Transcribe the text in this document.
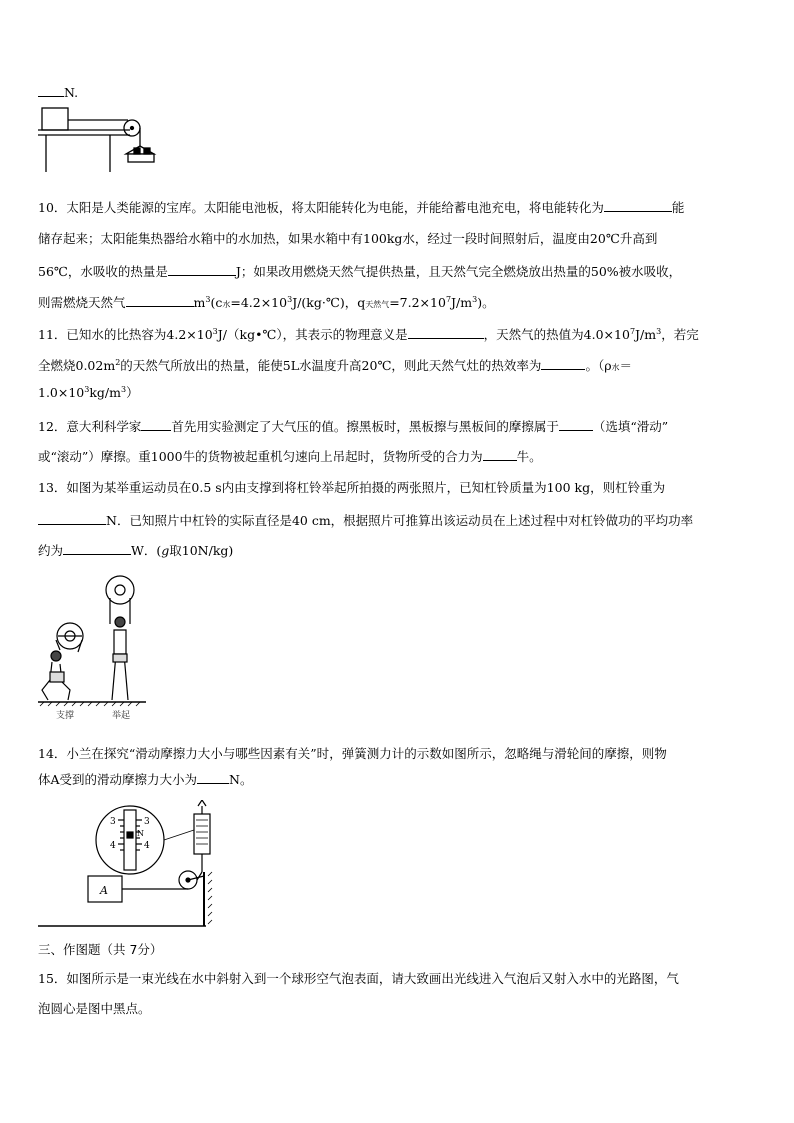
N.
10．太阳是人类能源的宝库。太阳能电池板，将太阳能转化为电能，并能给蓄电池充电，将电能转化为	能
储存起来；太阳能集热器给水箱中的水加热，如果水箱中有100kg水，经过一段时间照射后，温度由20℃升高到
56℃，水吸收的热量是	J；如果改用燃烧天然气提供热量，且天然气完全燃烧放出热量的50%被水吸收，
则需燃烧天然气	$m^3(c$水$=4.2\times 10^3J/(kg\cdot℃)$，q天然气$=7.2\times 10^7J/m^3$)。
11．已知水的比热容为$4.2\times 10^3J/(kg•℃)$，其表示的物理意义是	，天然气的热值为$4.0\times 10^7J/m^3$，若完
全燃烧$0.02m^2$的天然气所放出的热量，能使5L水温度升高20℃，则此天然气灶的热效率为	。（ρ水＝
$1.0\times 10^3kg/m^3$）
12．意大利科学家 首先用实验测定了大气压的值。擦黑板时，黑板擦与黑板间的摩擦属于	（选填“滑动”
或“滚动”）摩擦。重1000牛的货物被起重机匀速向上吊起时，货物所受的合力为	牛。
13．如图为某举重运动员在0.5 s内由支撑到将杠铃举起所拍摄的两张照片，已知杠铃质量为100 kg，则杠铃重为
N．已知照片中杠铃的实际直径是40 cm，根据照片可推算出该运动员在上述过程中对杠铃做功的平均功率
约为	W．(g取10N/kg)
支撑	举起
14．小兰在探究“滑动摩擦力大小与哪些因素有关”时，弹簧测力计的示数如图所示，忽略绳与滑轮间的摩擦，则物
体A受到的滑动摩擦力大小为	N。
A
3	3
4	4
N
三、作图题（共 7分）
15．如图所示是一束光线在水中斜射入到一个球形空气泡表面，请大致画出光线进入气泡后又射入水中的光路图，气
泡圆心是图中黑点。
